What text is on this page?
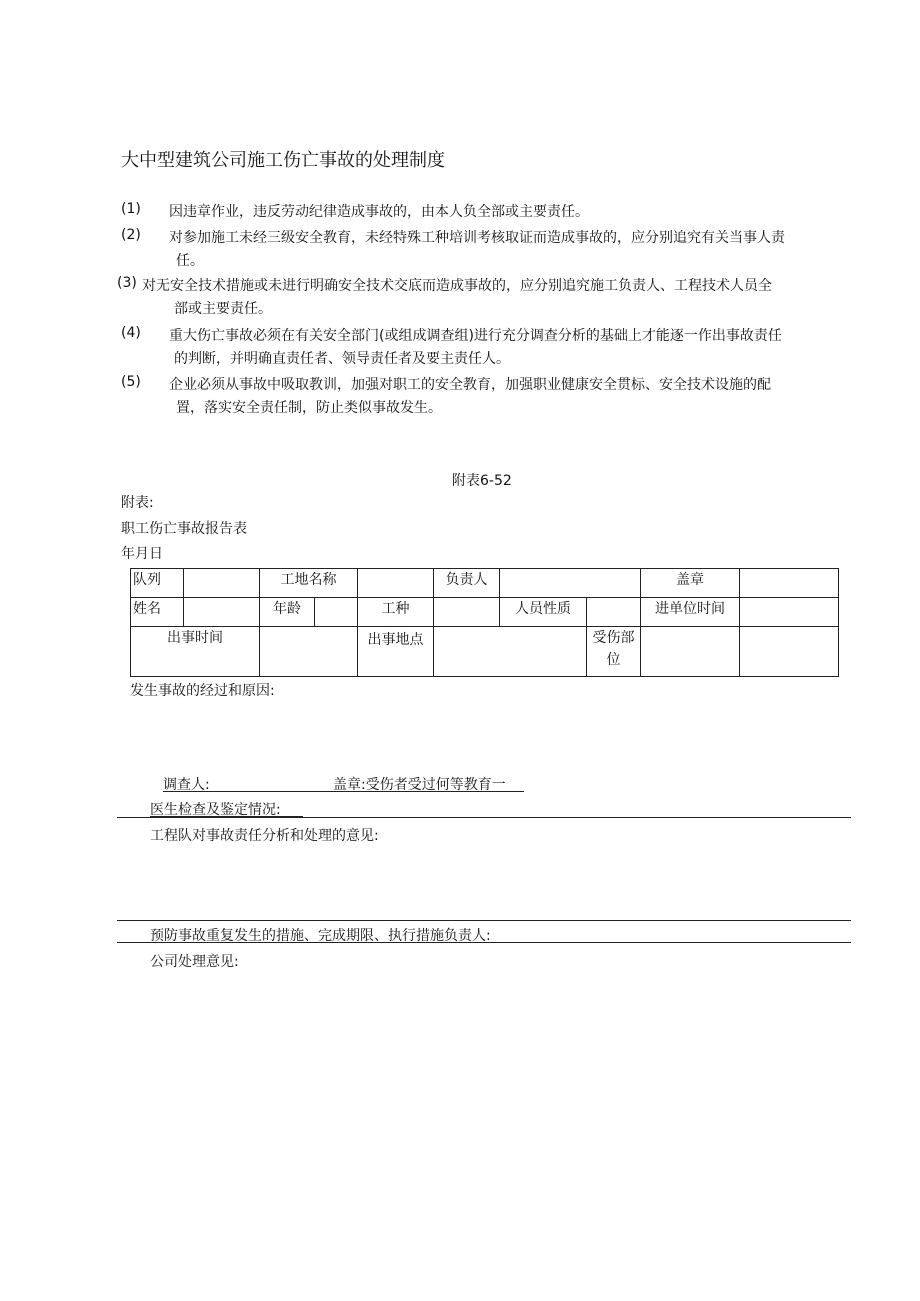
大中型建筑公司施工伤亡事故的处理制度
(1) 因违章作业，违反劳动纪律造成事故的，由本人负全部或主要责任。
(2) 对参加施工未经三级安全教育，未经特殊工种培训考核取证而造成事故的，应分别追究有关当事人责
任。
(3) 对无安全技术措施或未进行明确安全技术交底而造成事故的，应分别追究施工负责人、工程技术人员全
部或主要责任。
(4) 重大伤亡事故必须在有关安全部门(或组成调查组)进行充分调查分析的基础上才能逐一作出事故责任
的判断，并明确直责任者、领导责任者及要主责任人。
(5) 企业必须从事故中吸取教训，加强对职工的安全教育，加强职业健康安全贯标、安全技术设施的配
置，落实安全责任制，防止类似事故发生。
附表6-52
附表:
职工伤亡事故报告表
年月日
队列		工地名称			负责人			盖章	
姓名		年龄		工种		人员性质		进单位时间	
出事时间				出事地点			受伤部
位		

发生事故的经过和原因:
调查人:	盖章:受伤者受过何等教育一
医生检查及鉴定情况:
工程队对事故责任分析和处理的意见:
预防事故重复发生的措施、完成期限、执行措施负责人:
公司处理意见:
